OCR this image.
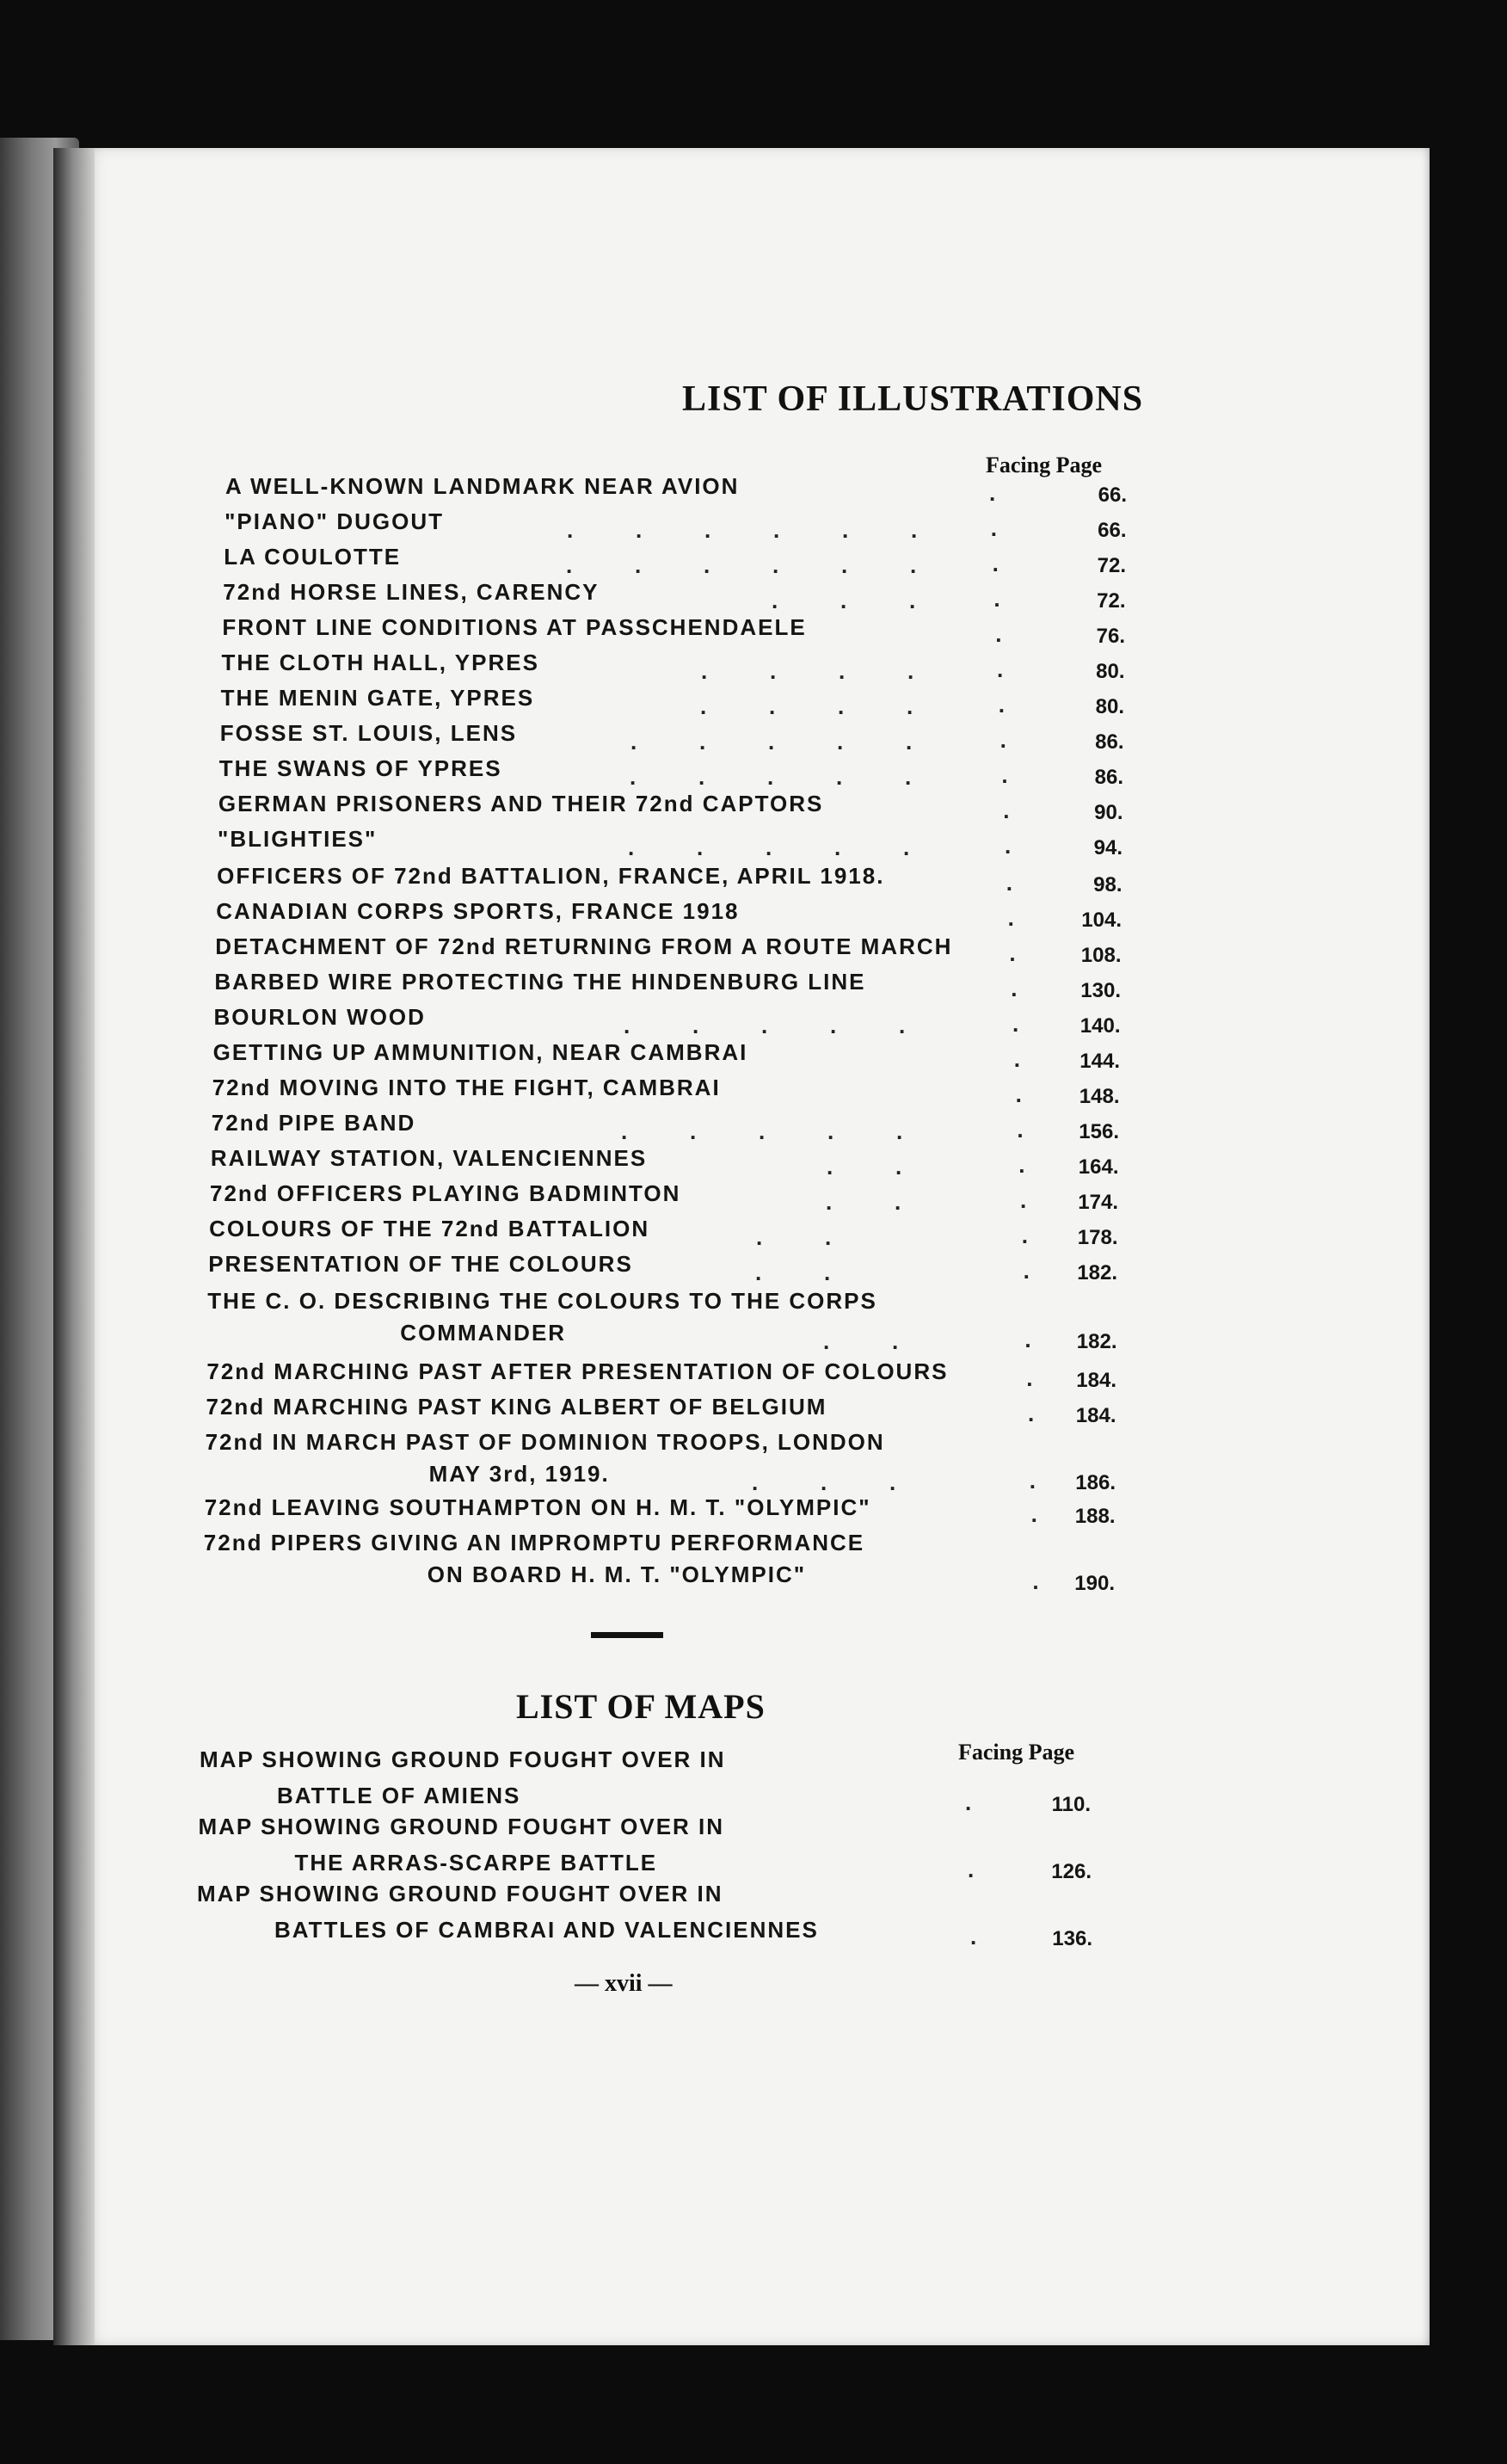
LIST OF ILLUSTRATIONS
Facing Page
A WELL-KNOWN LANDMARK NEAR AVION	.	66.
"PIANO" DUGOUT	.	66.
LA COULOTTE	.	72.
72nd HORSE LINES, CARENCY	.	72.
FRONT LINE CONDITIONS AT PASSCHENDAELE	.	76.
THE CLOTH HALL, YPRES	.	80.
THE MENIN GATE, YPRES	.	80.
FOSSE ST. LOUIS, LENS	.	86.
THE SWANS OF YPRES	.	86.
GERMAN PRISONERS AND THEIR 72nd CAPTORS	.	90.
"BLIGHTIES"	.	94.
OFFICERS OF 72nd BATTALION, FRANCE, APRIL 1918.	.	98.
CANADIAN CORPS SPORTS, FRANCE 1918	.	104.
DETACHMENT OF 72nd RETURNING FROM A ROUTE MARCH	.	108.
BARBED WIRE PROTECTING THE HINDENBURG LINE	.	130.
BOURLON WOOD	.	140.
GETTING UP AMMUNITION, NEAR CAMBRAI	.	144.
72nd MOVING INTO THE FIGHT, CAMBRAI	.	148.
72nd PIPE BAND	.	156.
RAILWAY STATION, VALENCIENNES	.	164.
72nd OFFICERS PLAYING BADMINTON	.	174.
COLOURS OF THE 72nd BATTALION	.	178.
PRESENTATION OF THE COLOURS	.	182.
THE C. O. DESCRIBING THE COLOURS TO THE CORPS
COMMANDER	.	182.
72nd MARCHING PAST AFTER PRESENTATION OF COLOURS	.	184.
72nd MARCHING PAST KING ALBERT OF BELGIUM	.	184.
72nd IN MARCH PAST OF DOMINION TROOPS, LONDON
MAY 3rd, 1919.	.	186.
72nd LEAVING SOUTHAMPTON ON H. M. T. "OLYMPIC"	.	188.
72nd PIPERS GIVING AN IMPROMPTU PERFORMANCE
ON BOARD H. M. T. "OLYMPIC"	.	190.
.	.	.	.	.	.
.	.	.	.	.	.
.	.	.
.	.	.	.
.	.	.	.
.	.	.	.	.
.	.	.	.	.
.	.	.	.	.
.	.	.	.	.
.	.	.	.	.
.	.
.	.
.	.
.	.
.	.
.	.	.
LIST OF MAPS
Facing Page
MAP SHOWING GROUND FOUGHT OVER IN
BATTLE OF AMIENS	.	110.
MAP SHOWING GROUND FOUGHT OVER IN
THE ARRAS-SCARPE BATTLE	.	126.
MAP SHOWING GROUND FOUGHT OVER IN
BATTLES OF CAMBRAI AND VALENCIENNES	.	136.
— xvii —
